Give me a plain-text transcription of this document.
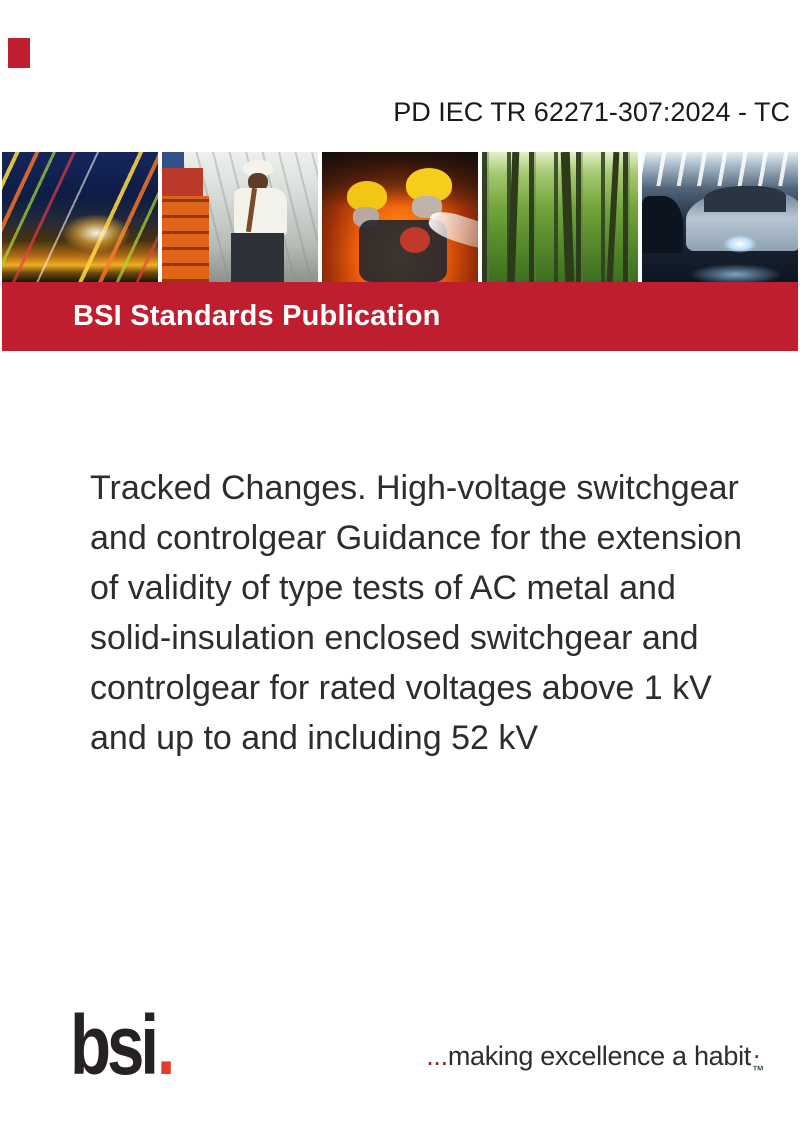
PD IEC TR 62271-307:2024 - TC
BSI Standards Publication
Tracked Changes. High-voltage switchgear
and controlgear Guidance for the extension
of validity of type tests of AC metal and
solid-insulation enclosed switchgear and
controlgear for rated voltages above 1 kV
and up to and including 52 kV
bsi.	...making excellence a habit .
™
